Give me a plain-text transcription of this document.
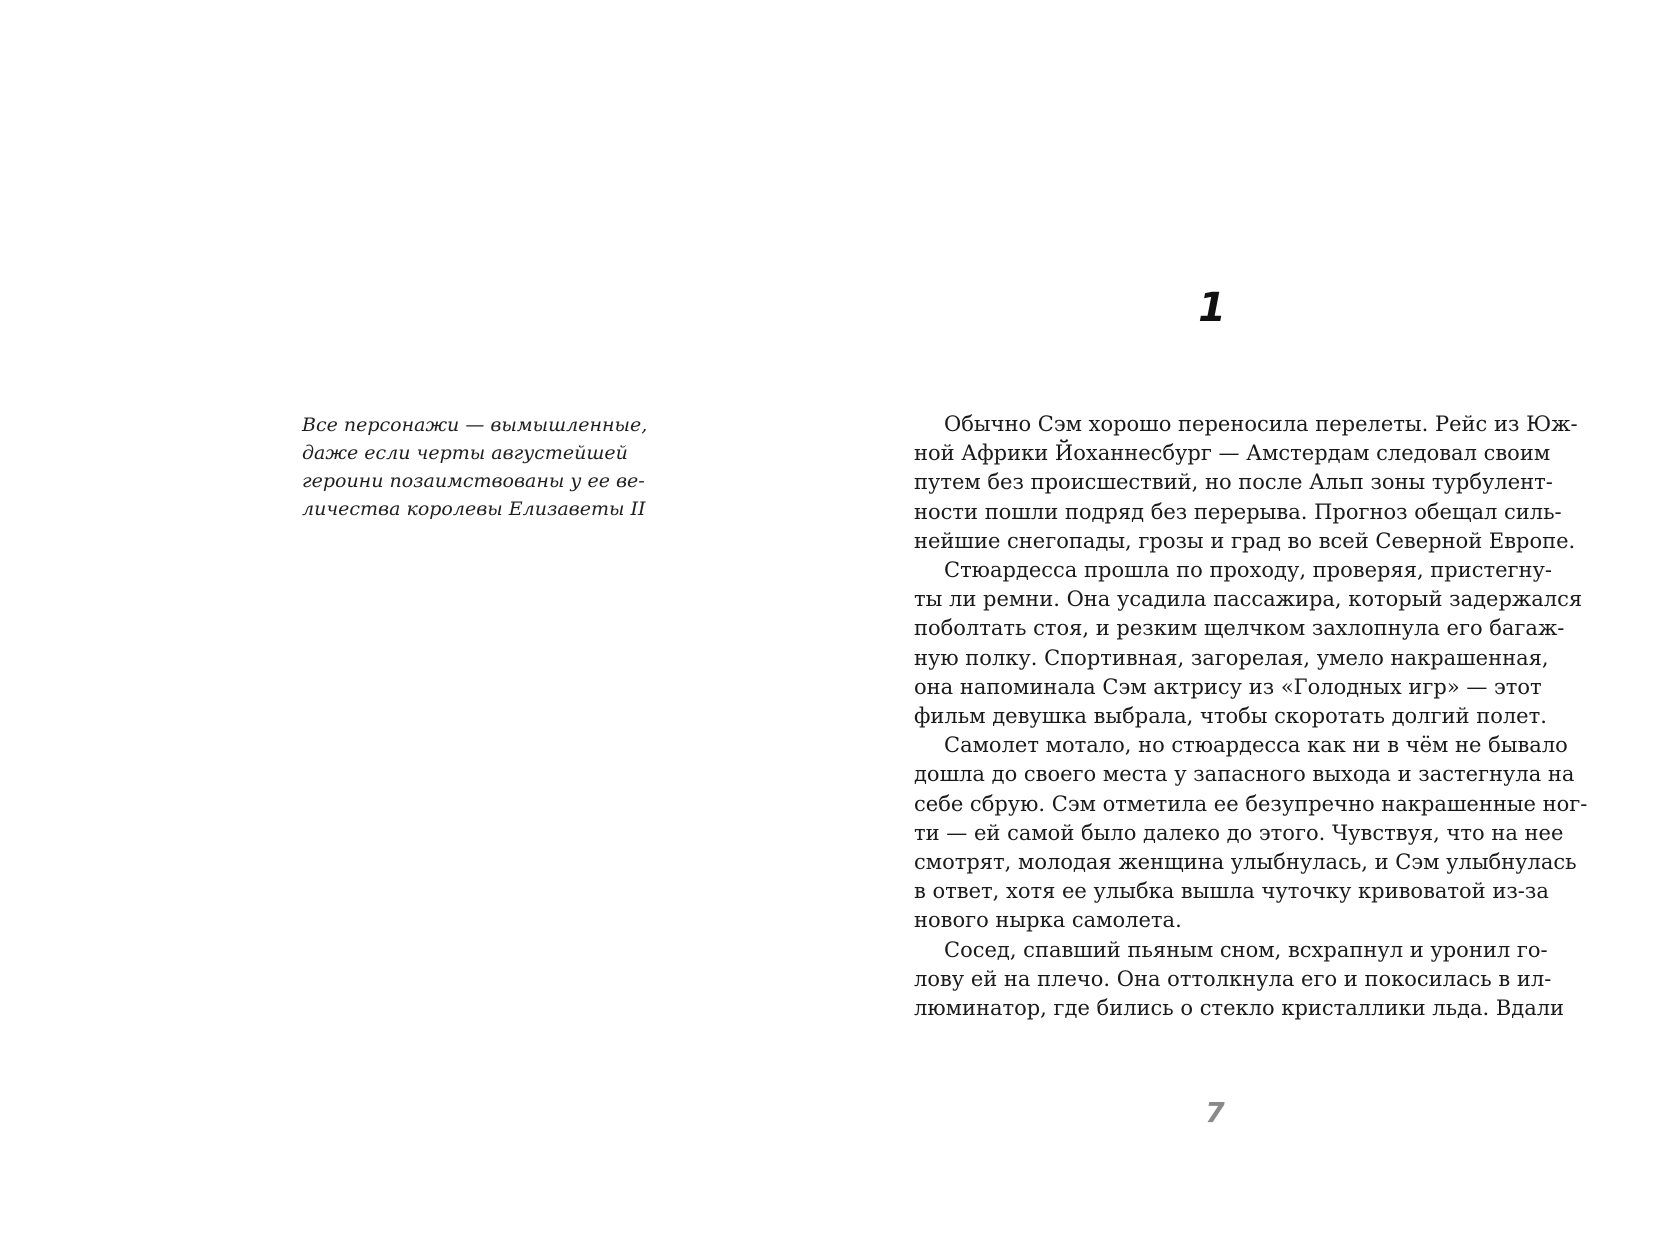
Все персонажи — вымышленные,
даже если черты августейшей
героини позаимствованы у ее ве-
личества королевы Елизаветы II
1
Обычно Сэм хорошо переносила перелеты. Рейс из Юж-
ной Африки Йоханнесбург — Амстердам следовал своим
путем без происшествий, но после Альп зоны турбулент-
ности пошли подряд без перерыва. Прогноз обещал силь-
нейшие снегопады, грозы и град во всей Северной Европе.
Стюардесса прошла по проходу, проверяя, пристегну-
ты ли ремни. Она усадила пассажира, который задержался
поболтать стоя, и резким щелчком захлопнула его багаж-
ную полку. Спортивная, загорелая, умело накрашенная,
она напоминала Сэм актрису из «Голодных игр» — этот
фильм девушка выбрала, чтобы скоротать долгий полет.
Самолет мотало, но стюардесса как ни в чём не бывало
дошла до своего места у запасного выхода и застегнула на
себе сбрую. Сэм отметила ее безупречно накрашенные ног-
ти — ей самой было далеко до этого. Чувствуя, что на нее
смотрят, молодая женщина улыбнулась, и Сэм улыбнулась
в ответ, хотя ее улыбка вышла чуточку кривоватой из-за
нового нырка самолета.
Сосед, спавший пьяным сном, всхрапнул и уронил го-
лову ей на плечо. Она оттолкнула его и покосилась в ил-
люминатор, где бились о стекло кристаллики льда. Вдали
7
